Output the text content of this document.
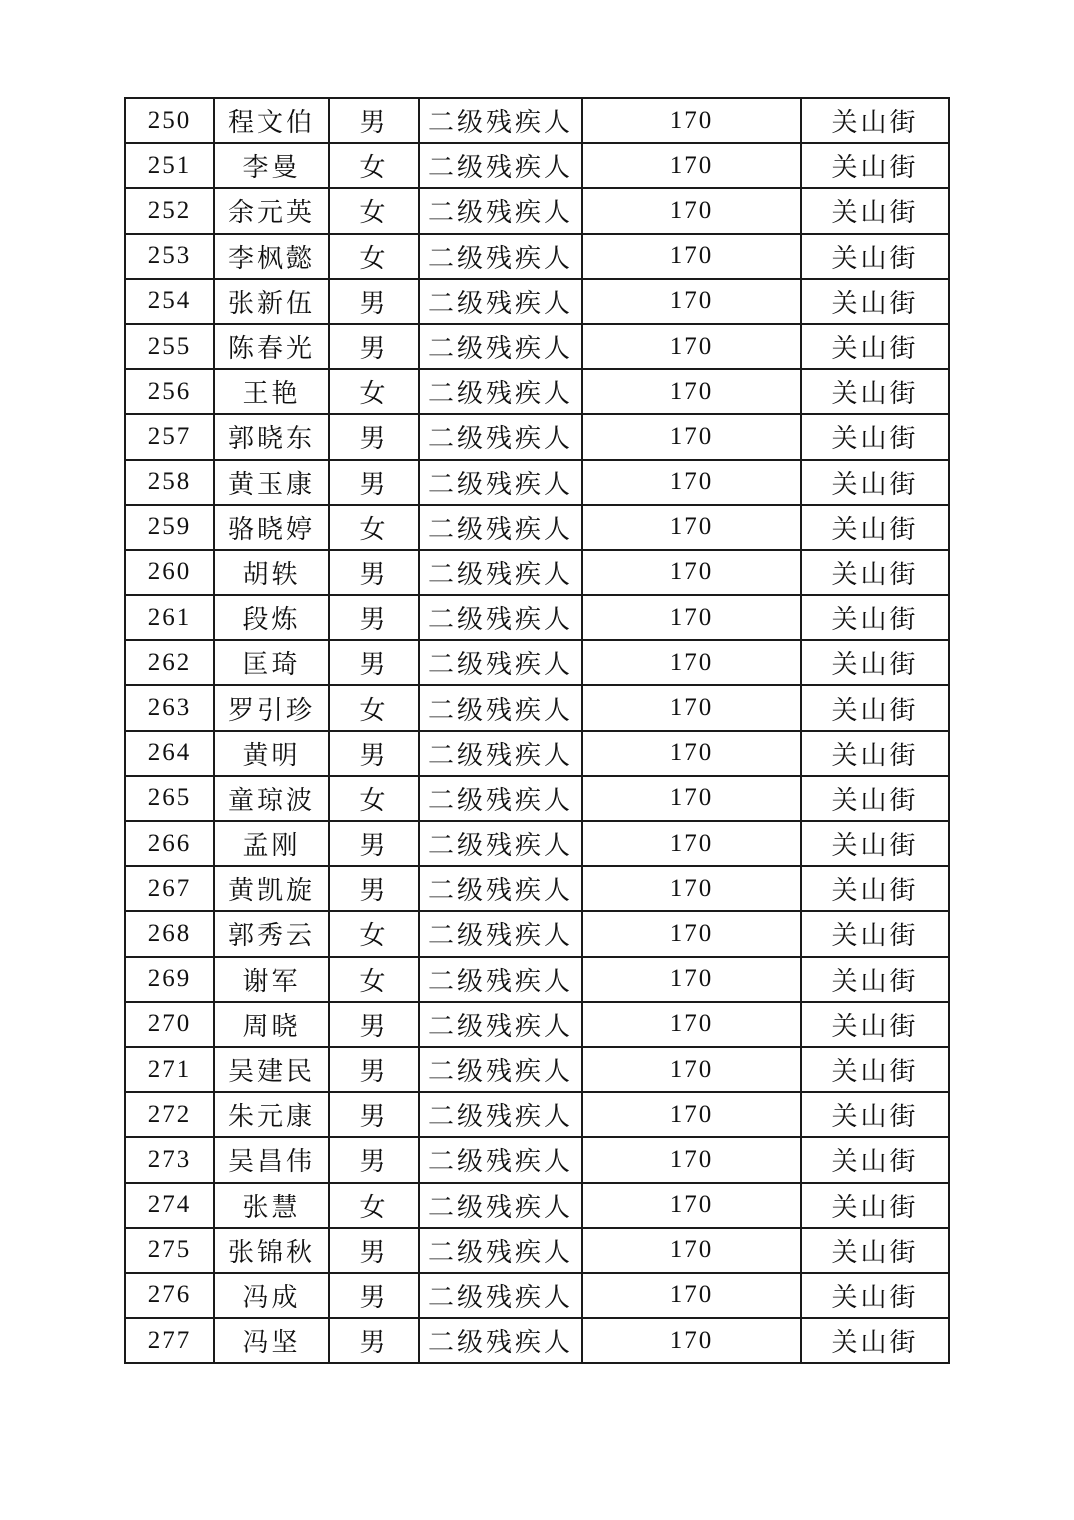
250	程文伯	男	二级残疾人	170	关山街
251	李曼	女	二级残疾人	170	关山街
252	余元英	女	二级残疾人	170	关山街
253	李枫懿	女	二级残疾人	170	关山街
254	张新伍	男	二级残疾人	170	关山街
255	陈春光	男	二级残疾人	170	关山街
256	王艳	女	二级残疾人	170	关山街
257	郭晓东	男	二级残疾人	170	关山街
258	黄玉康	男	二级残疾人	170	关山街
259	骆晓婷	女	二级残疾人	170	关山街
260	胡轶	男	二级残疾人	170	关山街
261	段炼	男	二级残疾人	170	关山街
262	匡琦	男	二级残疾人	170	关山街
263	罗引珍	女	二级残疾人	170	关山街
264	黄明	男	二级残疾人	170	关山街
265	童琼波	女	二级残疾人	170	关山街
266	孟刚	男	二级残疾人	170	关山街
267	黄凯旋	男	二级残疾人	170	关山街
268	郭秀云	女	二级残疾人	170	关山街
269	谢军	女	二级残疾人	170	关山街
270	周晓	男	二级残疾人	170	关山街
271	吴建民	男	二级残疾人	170	关山街
272	朱元康	男	二级残疾人	170	关山街
273	吴昌伟	男	二级残疾人	170	关山街
274	张慧	女	二级残疾人	170	关山街
275	张锦秋	男	二级残疾人	170	关山街
276	冯成	男	二级残疾人	170	关山街
277	冯坚	男	二级残疾人	170	关山街
